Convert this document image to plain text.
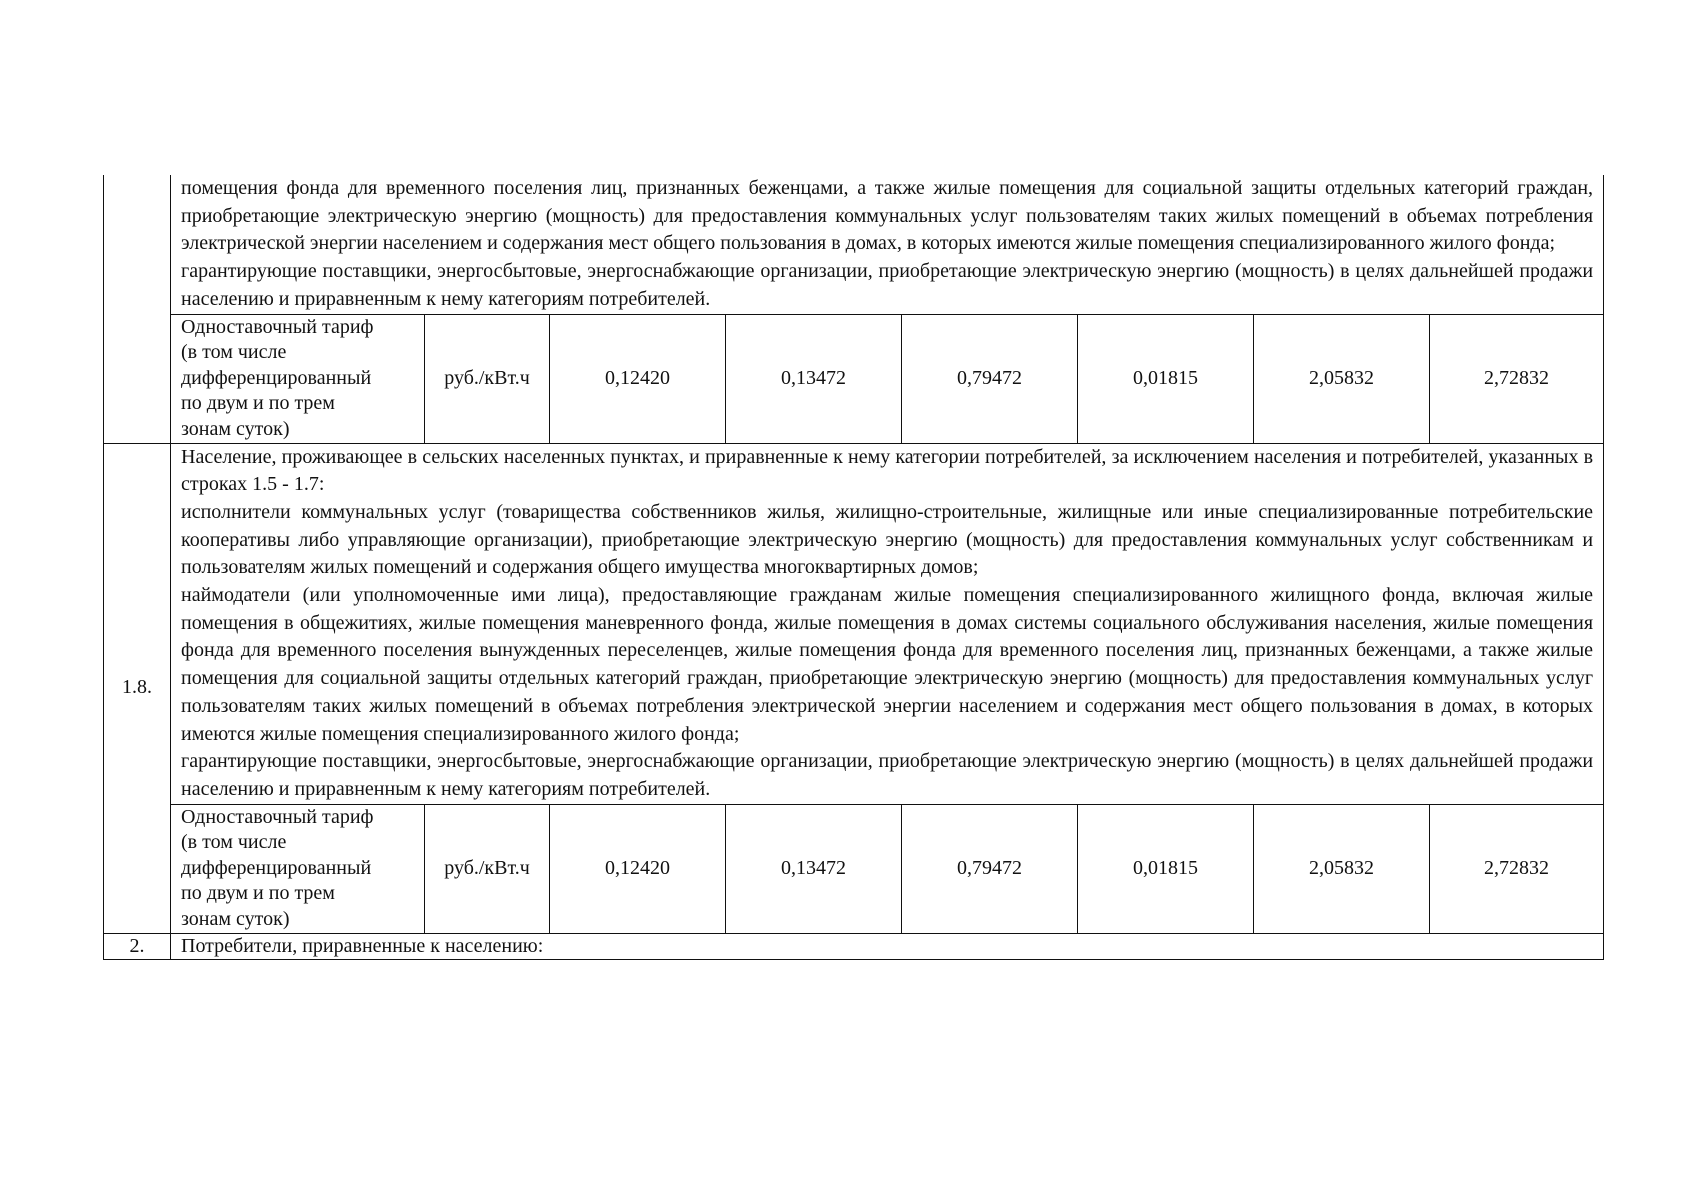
	помещения фонда для временного поселения лиц, признанных беженцами, а также жилые помещения для социальной защиты отдельных категорий граждан, приобретающие электрическую энергию (мощность) для предоставления коммунальных услуг пользователям таких жилых помещений в объемах потребления электрической энергии населением и содержания мест общего пользования в домах, в которых имеются жилые помещения специализированного жилого фонда;

гарантирующие поставщики, энергосбытовые, энергоснабжающие организации, приобретающие электрическую энергию (мощность) в целях дальнейшей продажи населению и приравненным к нему категориям потребителей.							

	Одноставочный тариф
(в том числе
дифференцированный
по двум и по трем
зонам суток)	руб./кВт.ч	0,12420	0,13472	0,79472	0,01815	2,05832	2,72832
1.8.	Население, проживающее в сельских населенных пунктах, и приравненные к нему категории потребителей, за исключением населения и потребителей, указанных в строках 1.5 - 1.7:

исполнители коммунальных услуг (товарищества собственников жилья, жилищно-строительные, жилищные или иные специализированные потребительские кооперативы либо управляющие организации), приобретающие электрическую энергию (мощность) для предоставления коммунальных услуг собственникам и пользователям жилых помещений и содержания общего имущества многоквартирных домов;

наймодатели (или уполномоченные ими лица), предоставляющие гражданам жилые помещения специализированного жилищного фонда, включая жилые помещения в общежитиях, жилые помещения маневренного фонда, жилые помещения в домах системы социального обслуживания населения, жилые помещения фонда для временного поселения вынужденных переселенцев, жилые помещения фонда для временного поселения лиц, признанных беженцами, а также жилые помещения для социальной защиты отдельных категорий граждан, приобретающие электрическую энергию (мощность) для предоставления коммунальных услуг пользователям таких жилых помещений в объемах потребления электрической энергии населением и содержания мест общего пользования в домах, в которых имеются жилые помещения специализированного жилого фонда;

гарантирующие поставщики, энергосбытовые, энергоснабжающие организации, приобретающие электрическую энергию (мощность) в целях дальнейшей продажи населению и приравненным к нему категориям потребителей.							

	Одноставочный тариф
(в том числе
дифференцированный
по двум и по трем
зонам суток)	руб./кВт.ч	0,12420	0,13472	0,79472	0,01815	2,05832	2,72832
2.	Потребители, приравненные к населению:							
